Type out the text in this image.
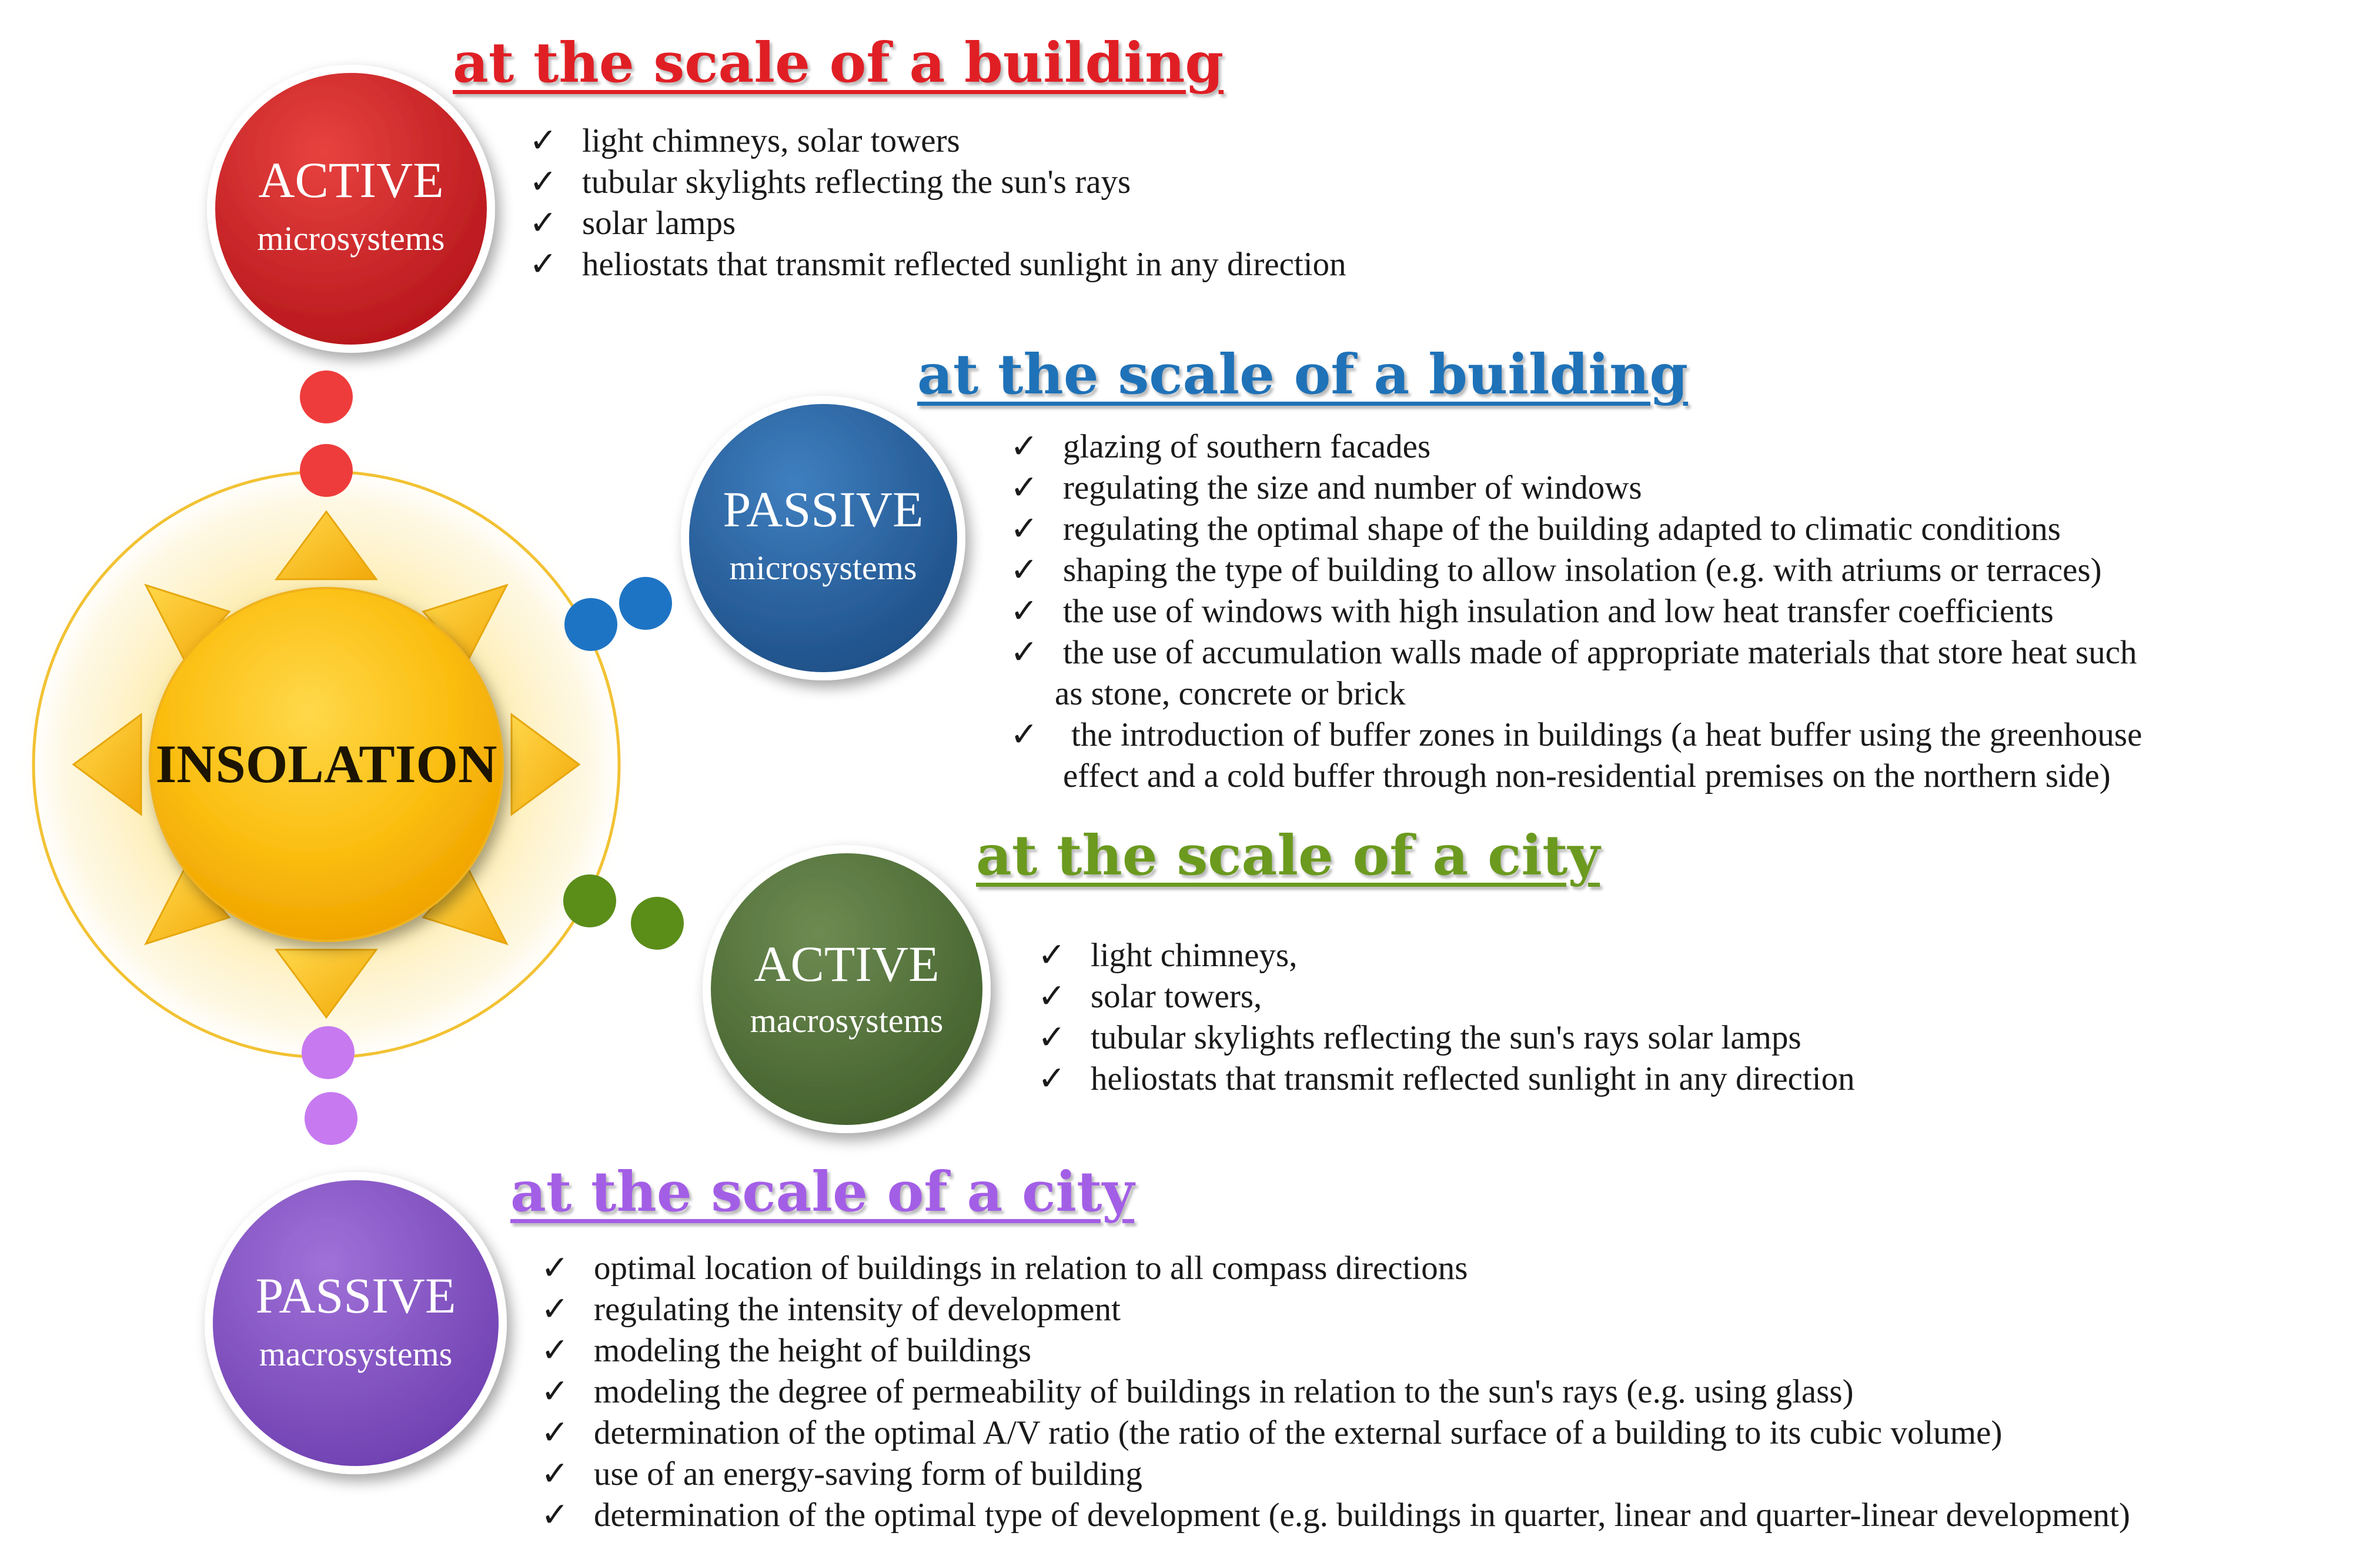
INSOLATION
ACTIVE
microsystems
PASSIVE
microsystems
ACTIVE
macrosystems
PASSIVE
macrosystems
at the scale of a building
at the scale of a building
at the scale of a city
at the scale of a city
✓ light chimneys, solar towers
✓ tubular skylights reflecting the sun's rays
✓ solar lamps
✓ heliostats that transmit reflected sunlight in any direction
✓ glazing of southern facades
✓ regulating the size and number of windows
✓ regulating the optimal shape of the building adapted to climatic conditions
✓ shaping the type of building to allow insolation (e.g. with atriums or terraces)
✓ the use of windows with high insulation and low heat transfer coefficients
✓ the use of accumulation walls made of appropriate materials that store heat such
as stone, concrete or brick
✓ the introduction of buffer zones in buildings (a heat buffer using the greenhouse
effect and a cold buffer through non-residential premises on the northern side)
✓ light chimneys,
✓ solar towers,
✓ tubular skylights reflecting the sun's rays solar lamps
✓ heliostats that transmit reflected sunlight in any direction
✓ optimal location of buildings in relation to all compass directions
✓ regulating the intensity of development
✓ modeling the height of buildings
✓ modeling the degree of permeability of buildings in relation to the sun's rays (e.g. using glass)
✓ determination of the optimal A/V ratio (the ratio of the external surface of a building to its cubic volume)
✓ use of an energy-saving form of building
✓ determination of the optimal type of development (e.g. buildings in quarter, linear and quarter-linear development)
